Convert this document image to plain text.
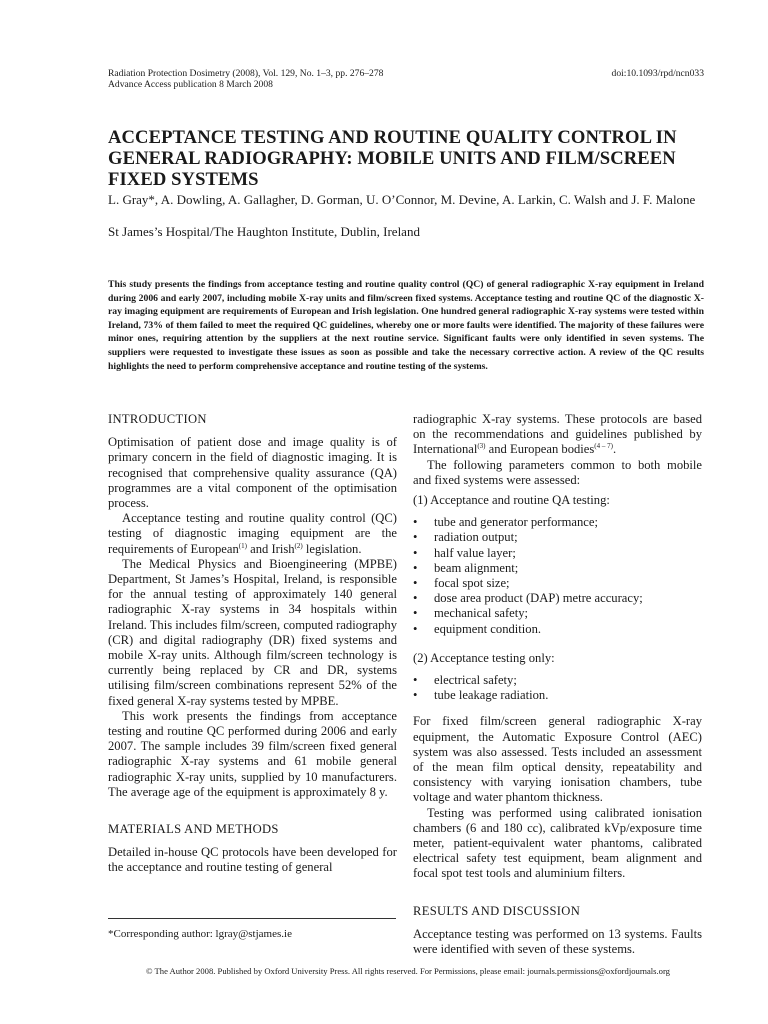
Radiation Protection Dosimetry (2008), Vol. 129, No. 1–3, pp. 276–278
Advance Access publication 8 March 2008
doi:10.1093/rpd/ncn033
ACCEPTANCE TESTING AND ROUTINE QUALITY CONTROL IN GENERAL RADIOGRAPHY: MOBILE UNITS AND FILM/SCREEN FIXED SYSTEMS
L. Gray*, A. Dowling, A. Gallagher, D. Gorman, U. O’Connor, M. Devine, A. Larkin, C. Walsh and J. F. Malone
St James’s Hospital/The Haughton Institute, Dublin, Ireland
This study presents the findings from acceptance testing and routine quality control (QC) of general radiographic X-ray equipment in Ireland during 2006 and early 2007, including mobile X-ray units and film/screen fixed systems. Acceptance testing and routine QC of the diagnostic X-ray imaging equipment are requirements of European and Irish legislation. One hundred general radiographic X-ray systems were tested within Ireland, 73% of them failed to meet the required QC guidelines, whereby one or more faults were identified. The majority of these failures were minor ones, requiring attention by the suppliers at the next routine service. Significant faults were only identified in seven systems. The suppliers were requested to investigate these issues as soon as possible and take the necessary corrective action. A review of the QC results highlights the need to perform comprehensive acceptance and routine testing of the systems.
INTRODUCTION

Optimisation of patient dose and image quality is of primary concern in the field of diagnostic imaging. It is recognised that comprehensive quality assurance (QA) programmes are a vital component of the optimisation process.

Acceptance testing and routine quality control (QC) testing of diagnostic imaging equipment are the requirements of European$^{(1)}$ and Irish$^{(2)}$ legislation.

The Medical Physics and Bioengineering (MPBE) Department, St James’s Hospital, Ireland, is responsible for the annual testing of approximately 140 general radiographic X-ray systems in 34 hospitals within Ireland. This includes film/screen, computed radiography (CR) and digital radiography (DR) fixed systems and mobile X-ray units. Although film/screen technology is currently being replaced by CR and DR, systems utilising film/screen combinations represent 52% of the fixed general X-ray systems tested by MPBE.

This work presents the findings from acceptance testing and routine QC performed during 2006 and early 2007. The sample includes 39 film/screen fixed general radiographic X-ray systems and 61 mobile general radiographic X-ray units, supplied by 10 manufacturers. The average age of the equipment is approximately 8 y.

MATERIALS AND METHODS

Detailed in-house QC protocols have been developed for the acceptance and routine testing of general

radiographic X-ray systems. These protocols are based on the recommendations and guidelines published by International$^{(3)}$ and European bodies$^{(4 - 7)}$.

The following parameters common to both mobile and fixed systems were assessed:

(1) Acceptance and routine QA testing:
• tube and generator performance;
• radiation output;
• half value layer;
• beam alignment;
• focal spot size;
• dose area product (DAP) metre accuracy;
• mechanical safety;
• equipment condition.
(2) Acceptance testing only:
• electrical safety;
• tube leakage radiation.

For fixed film/screen general radiographic X-ray equipment, the Automatic Exposure Control (AEC) system was also assessed. Tests included an assessment of the mean film optical density, repeatability and consistency with varying ionisation chambers, tube voltage and water phantom thickness.

Testing was performed using calibrated ionisation chambers (6 and 180 cc), calibrated kVp/exposure time meter, patient-equivalent water phantoms, calibrated electrical safety test equipment, beam alignment and focal spot test tools and aluminium filters.

RESULTS AND DISCUSSION

Acceptance testing was performed on 13 systems. Faults were identified with seven of these systems.

*Corresponding author: lgray@stjames.ie
© The Author 2008. Published by Oxford University Press. All rights reserved. For Permissions, please email: journals.permissions@oxfordjournals.org
